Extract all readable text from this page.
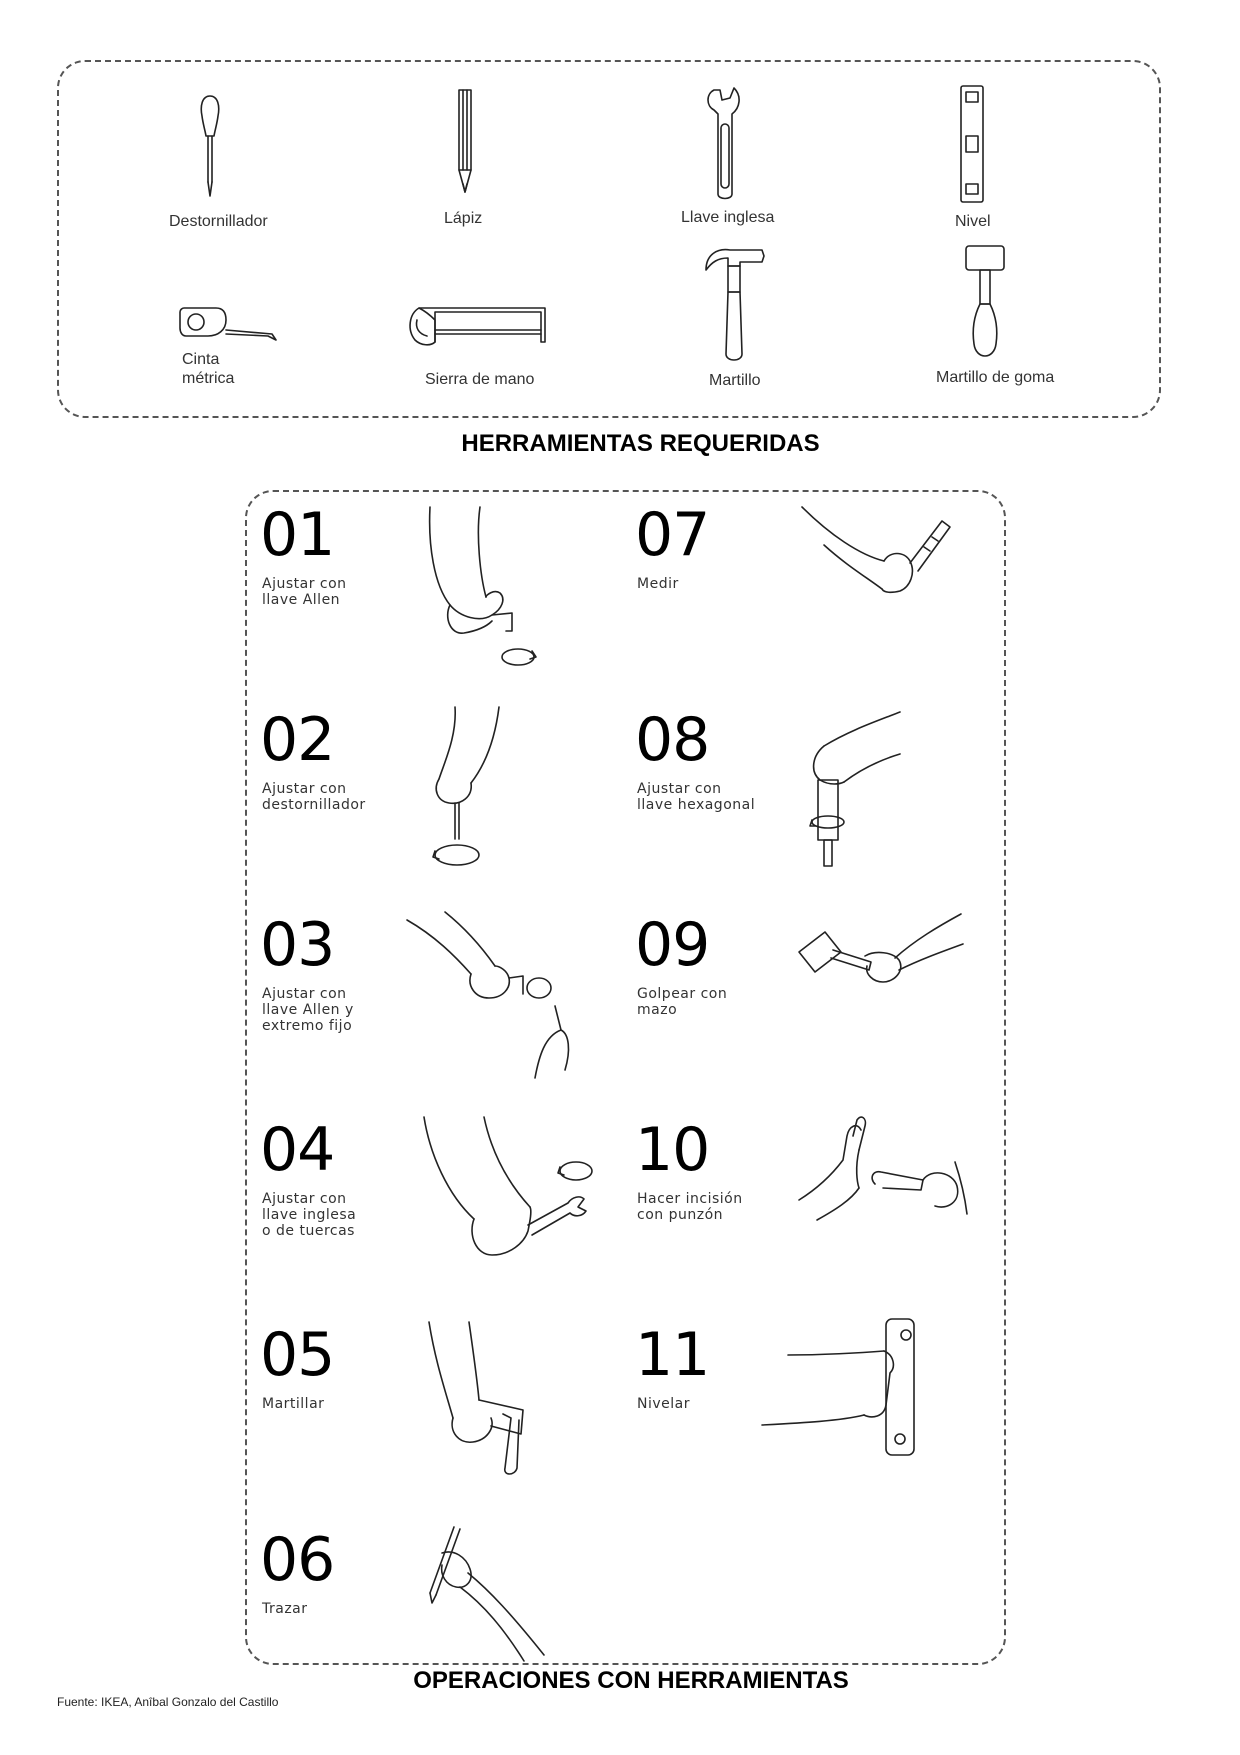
Destornillador	Lápiz	Llave inglesa	Nivel
Cinta
métrica	Sierra de mano	Martillo	Martillo de goma
HERRAMIENTAS REQUERIDAS
01
Ajustar con
llave Allen
02
Ajustar con
destornillador
03
Ajustar con
llave Allen y
extremo fijo
04
Ajustar con
llave inglesa
o de tuercas
05
Martillar
06
Trazar
07
Medir
08
Ajustar con
llave hexagonal
09
Golpear con
mazo
10
Hacer incisión
con punzón
11
Nivelar
OPERACIONES CON HERRAMIENTAS
Fuente: IKEA, Anîbal Gonzalo del Castillo
